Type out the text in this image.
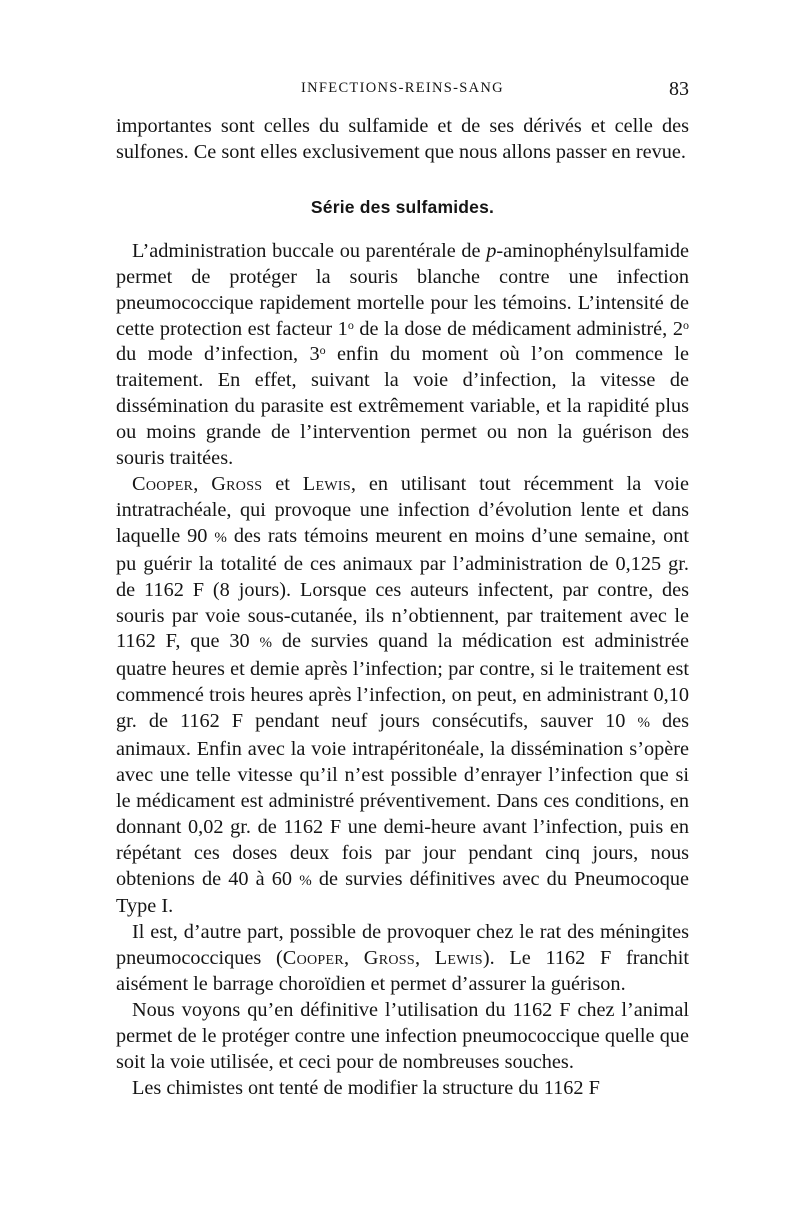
INFECTIONS-REINS-SANG	83

importantes sont celles du sulfamide et de ses dérivés et celle des sulfones. Ce sont elles exclusivement que nous allons passer en revue.

Série des sulfamides.

L’administration buccale ou parentérale de p-aminophénylsulfamide permet de protéger la souris blanche contre une infection pneumococcique rapidement mortelle pour les témoins. L’intensité de cette protection est facteur 1$^o$ de la dose de médicament administré, 2$^o$ du mode d’infection, 3$^o$ enfin du moment où l’on commence le traitement. En effet, suivant la voie d’infection, la vitesse de dissémination du parasite est extrêmement variable, et la rapidité plus ou moins grande de l’intervention permet ou non la guérison des souris traitées.

Cooper, Gross et Lewis, en utilisant tout récemment la voie intratrachéale, qui provoque une infection d’évolution lente et dans laquelle 90 % des rats témoins meurent en moins d’une semaine, ont pu guérir la totalité de ces animaux par l’administration de 0,125 gr. de 1162 F (8 jours). Lorsque ces auteurs infectent, par contre, des souris par voie sous-cutanée, ils n’obtiennent, par traitement avec le 1162 F, que 30 % de survies quand la médication est administrée quatre heures et demie après l’infection; par contre, si le traitement est commencé trois heures après l’infection, on peut, en administrant 0,10 gr. de 1162 F pendant neuf jours consécutifs, sauver 10 % des animaux. Enfin avec la voie intrapéritonéale, la dissémination s’opère avec une telle vitesse qu’il n’est possible d’enrayer l’infection que si le médicament est administré préventivement. Dans ces conditions, en donnant 0,02 gr. de 1162 F une demi-heure avant l’infection, puis en répétant ces doses deux fois par jour pendant cinq jours, nous obtenions de 40 à 60 % de survies définitives avec du Pneumocoque Type I.

Il est, d’autre part, possible de provoquer chez le rat des méningites pneumococciques (Cooper, Gross, Lewis). Le 1162 F franchit aisément le barrage choroïdien et permet d’assurer la guérison.

Nous voyons qu’en définitive l’utilisation du 1162 F chez l’animal permet de le protéger contre une infection pneumococcique quelle que soit la voie utilisée, et ceci pour de nombreuses souches.

Les chimistes ont tenté de modifier la structure du 1162 F
